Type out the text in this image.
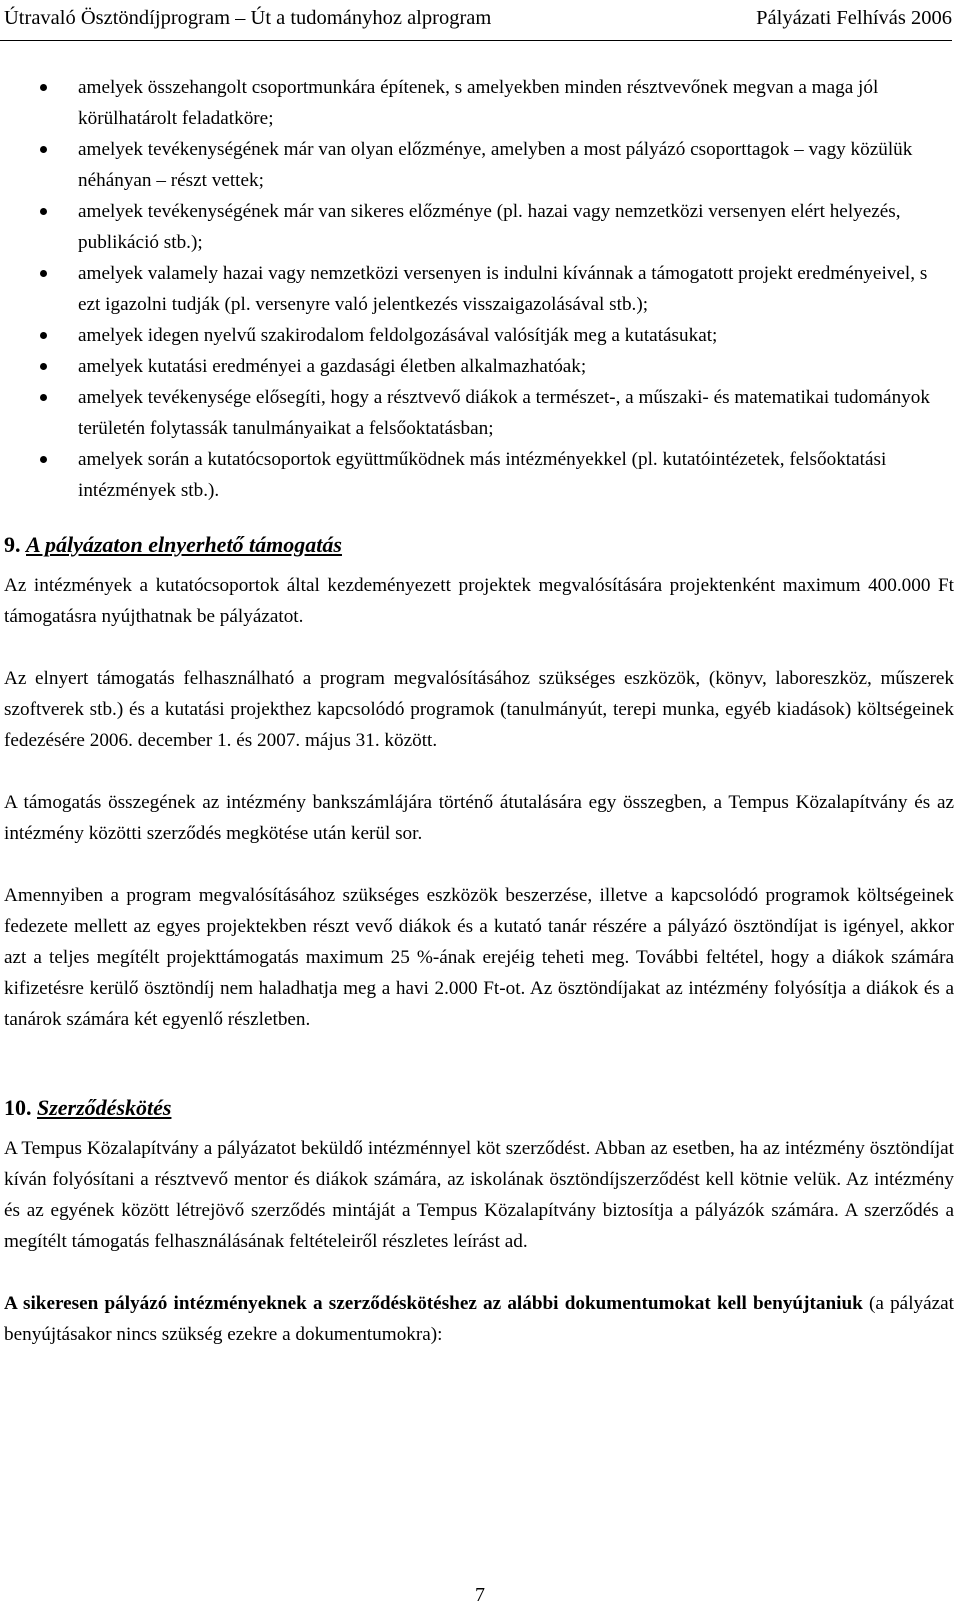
Útravaló Ösztöndíjprogram – Út a tudományhoz alprogram	Pályázati Felhívás 2006
amelyek összehangolt csoportmunkára építenek, s amelyekben minden résztvevőnek megvan a maga jól körülhatárolt feladatköre;
amelyek tevékenységének már van olyan előzménye, amelyben a most pályázó csoporttagok – vagy közülük néhányan – részt vettek;
amelyek tevékenységének már van sikeres előzménye (pl. hazai vagy nemzetközi versenyen elért helyezés, publikáció stb.);
amelyek valamely hazai vagy nemzetközi versenyen is indulni kívánnak a támogatott projekt eredményeivel, s ezt igazolni tudják (pl. versenyre való jelentkezés visszaigazolásával stb.);
amelyek idegen nyelvű szakirodalom feldolgozásával valósítják meg a kutatásukat;
amelyek kutatási eredményei a gazdasági életben alkalmazhatóak;
amelyek tevékenysége elősegíti, hogy a résztvevő diákok a természet-, a műszaki- és matematikai tudományok területén folytassák tanulmányaikat a felsőoktatásban;
amelyek során a kutatócsoportok együttműködnek más intézményekkel (pl. kutatóintézetek, felsőoktatási intézmények stb.).
9. A pályázaton elnyerhető támogatás

Az intézmények a kutatócsoportok által kezdeményezett projektek megvalósítására projektenként maximum 400.000 Ft támogatásra nyújthatnak be pályázatot.

Az elnyert támogatás felhasználható a program megvalósításához szükséges eszközök, (könyv, laboreszköz, műszerek szoftverek stb.) és a kutatási projekthez kapcsolódó programok (tanulmányút, terepi munka, egyéb kiadások) költségeinek fedezésére 2006. december 1. és 2007. május 31. között.

A támogatás összegének az intézmény bankszámlájára történő átutalására egy összegben, a Tempus Közalapítvány és az intézmény közötti szerződés megkötése után kerül sor.

Amennyiben a program megvalósításához szükséges eszközök beszerzése, illetve a kapcsolódó programok költségeinek fedezete mellett az egyes projektekben részt vevő diákok és a kutató tanár részére a pályázó ösztöndíjat is igényel, akkor azt a teljes megítélt projekttámogatás maximum 25 %-ának erejéig teheti meg. További feltétel, hogy a diákok számára kifizetésre kerülő ösztöndíj nem haladhatja meg a havi 2.000 Ft-ot. Az ösztöndíjakat az intézmény folyósítja a diákok és a tanárok számára két egyenlő részletben.

10. Szerződéskötés

A Tempus Közalapítvány a pályázatot beküldő intézménnyel köt szerződést. Abban az esetben, ha az intézmény ösztöndíjat kíván folyósítani a résztvevő mentor és diákok számára, az iskolának ösztöndíjszerződést kell kötnie velük. Az intézmény és az egyének között létrejövő szerződés mintáját a Tempus Közalapítvány biztosítja a pályázók számára. A szerződés a megítélt támogatás felhasználásának feltételeiről részletes leírást ad.

A sikeresen pályázó intézményeknek a szerződéskötéshez az alábbi dokumentumokat kell benyújtaniuk (a pályázat benyújtásakor nincs szükség ezekre a dokumentumokra):

7
